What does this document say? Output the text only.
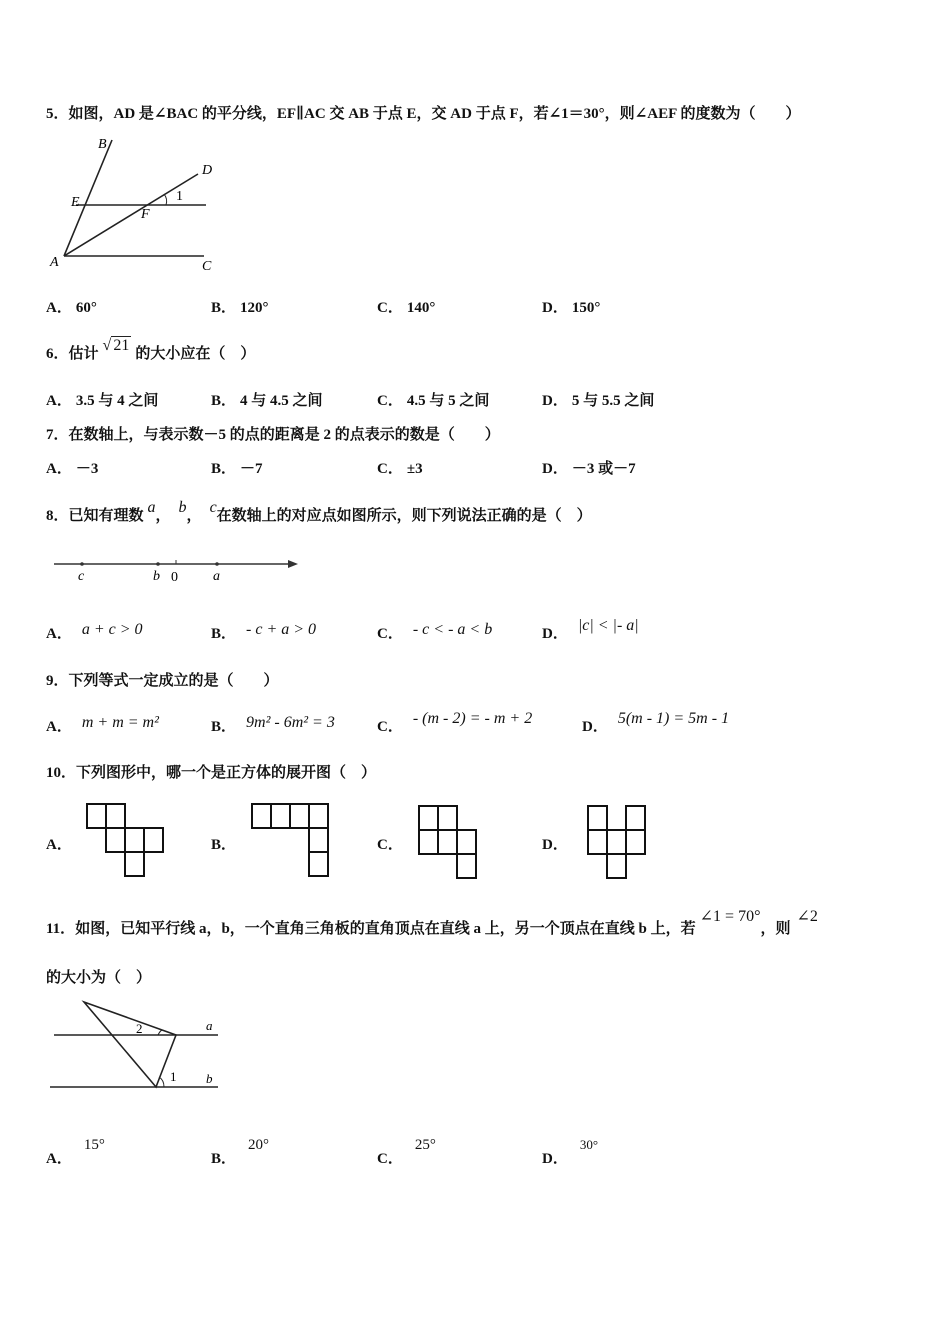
5．如图，AD 是∠BAC 的平分线，EF∥AC 交 AB 于点 E，交 AD 于点 F，若∠1＝30°，则∠AEF 的度数为（　　）
B
D
E
F
1
A	C
A． 60°	B． 120°	C． 140°	D． 150°
6．估计 √ 21 的大小应在（　）
A． 3.5 与 4 之间	B． 4 与 4.5 之间	C． 4.5 与 5 之间	D． 5 与 5.5 之间
7．在数轴上，与表示数－5 的点的距离是 2 的点表示的数是（　　）
A． －3	B． －7	C． ±3	D． －3 或－7
8．已知有理数 a， b， c在数轴上的对应点如图所示，则下列说法正确的是（　）
c	b 0	a
A． a + c > 0	B． - c + a > 0	C． - c < - a < b	D． |c| < |- a|
9．下列等式一定成立的是（　　）
A． m + m = m²	B． 9m² - 6m² = 3	C． - (m - 2) = - m + 2	D． 5(m - 1) = 5m - 1
10．下列图形中，哪一个是正方体的展开图（　）
A．	B．	C．	D．
11．如图，已知平行线 a，b，一个直角三角板的直角顶点在直线 a 上，另一个顶点在直线 b 上，若∠1 = 70°，则∠2
的大小为（　）
2	a
1 b
A．15°
B．20°
C．25°
D．30°
